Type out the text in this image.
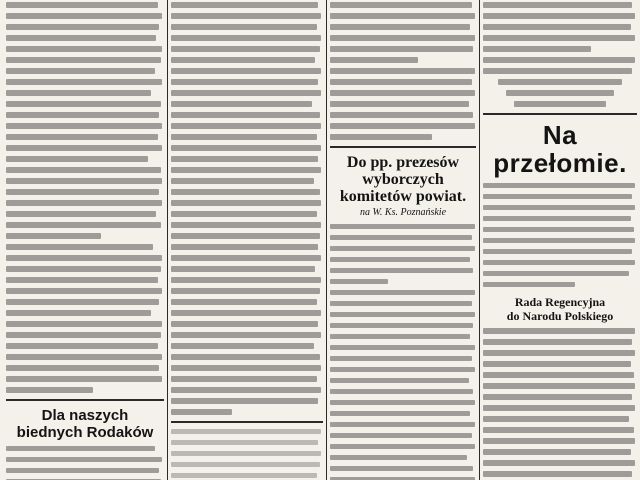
Dla naszych

biednych Rodaków

Do pp. prezesów wyborczych komitetów powiat.

na W. Ks. Poznańskie

Na przełomie.

Rada Regencyjna

do Narodu Polskiego
